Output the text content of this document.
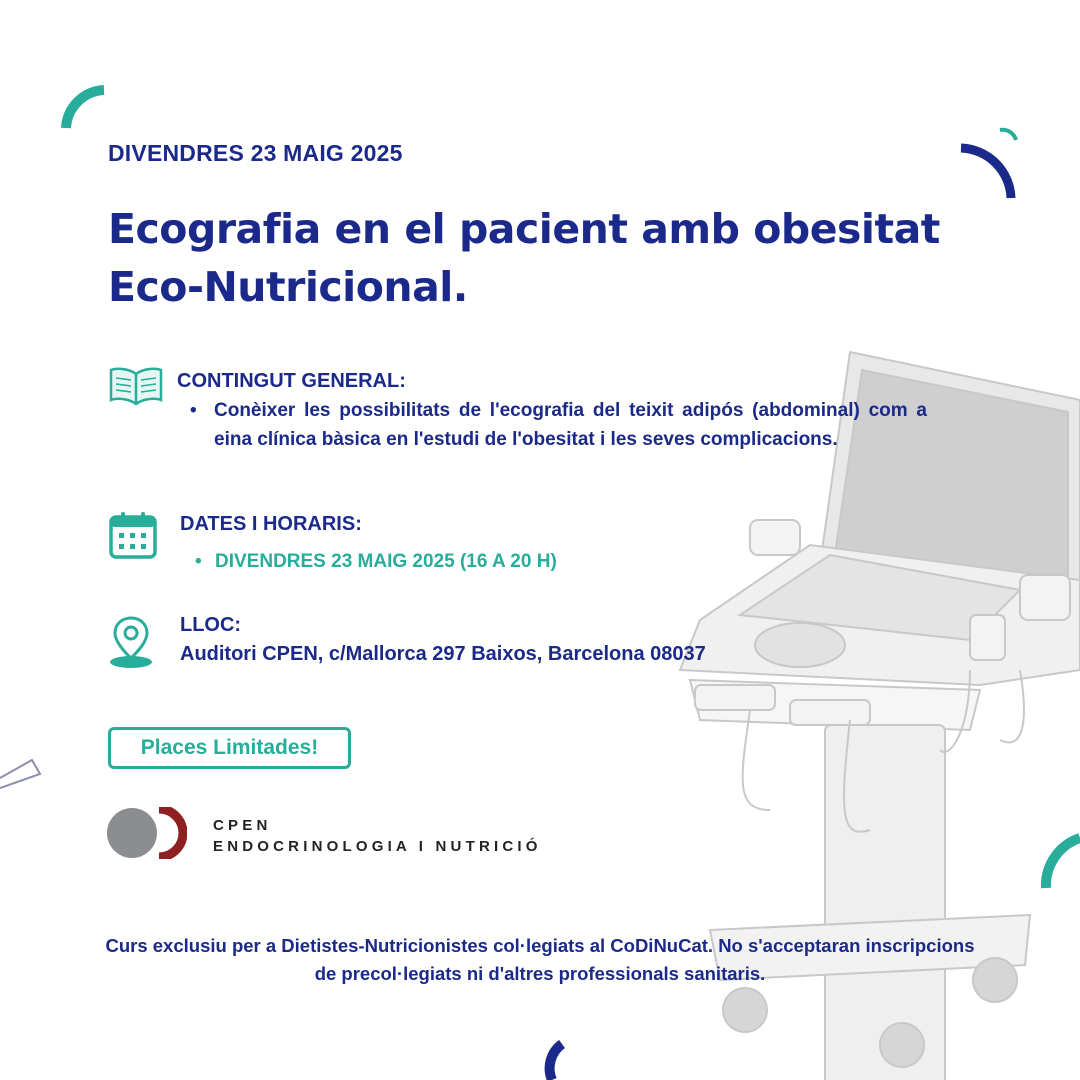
DIVENDRES 23 MAIG 2025
Ecografia en el pacient amb obesitat
Eco-Nutricional.
CONTINGUT GENERAL:
• Conèixer les possibilitats de l'ecografia del teixit adipós (abdominal) com a eina clínica bàsica en l'estudi de l'obesitat i les seves complicacions.
DATES I HORARIS:
• DIVENDRES 23 MAIG 2025 (16 A 20 H)
LLOC:
Auditori CPEN, c/Mallorca 297 Baixos, Barcelona 08037
Places Limitades!
CPEN
ENDOCRINOLOGIA I NUTRICIÓ
Curs exclusiu per a Dietistes-Nutricionistes col·legiats al CoDiNuCat. No s'acceptaran inscripcions de precol·legiats ni d'altres professionals sanitaris.
